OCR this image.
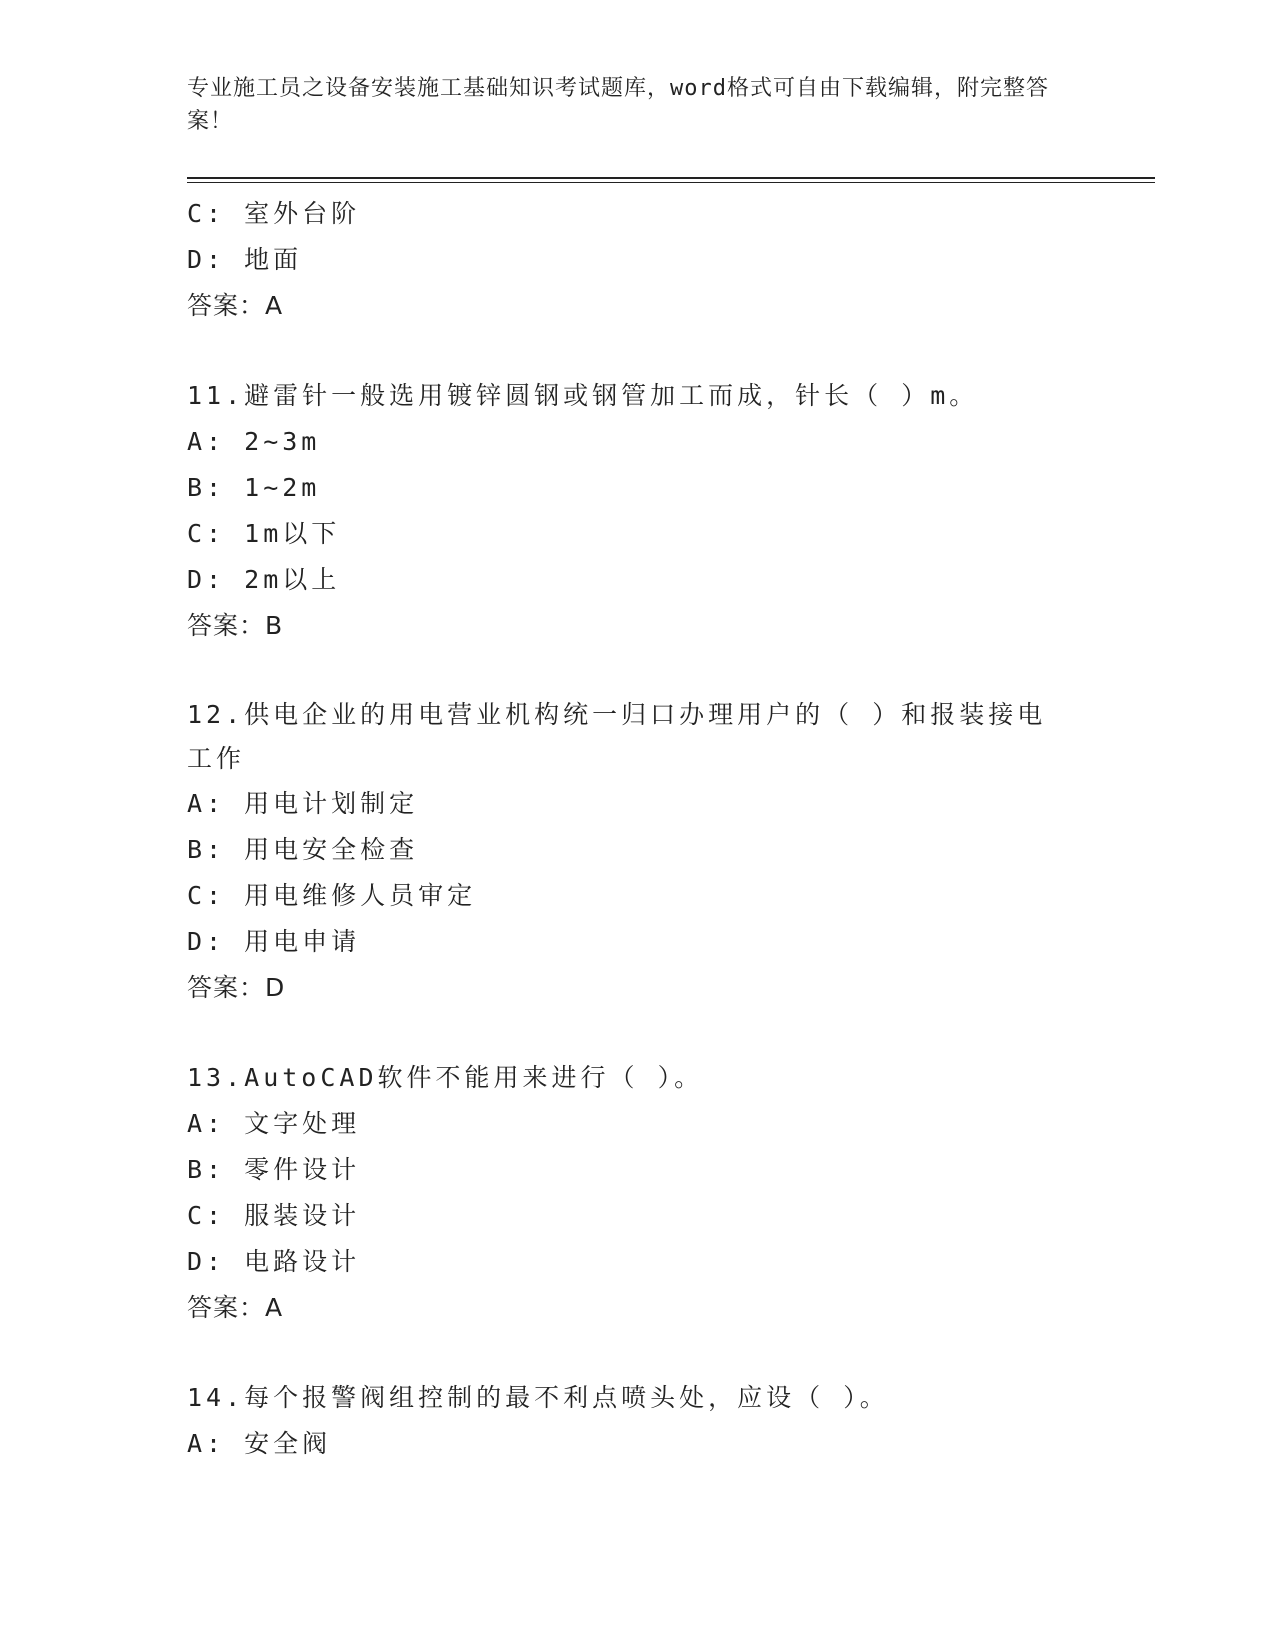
专业施工员之设备安装施工基础知识考试题库，word格式可自由下载编辑，附完整答案！
C: 室外台阶
D: 地面
答案：A
11.避雷针一般选用镀锌圆钢或钢管加工而成，针长（ ）m。
A: 2~3m
B: 1~2m
C: 1m以下
D: 2m以上
答案：B
12.供电企业的用电营业机构统一归口办理用户的（ ）和报装接电工作
A: 用电计划制定
B: 用电安全检查
C: 用电维修人员审定
D: 用电申请
答案：D
13.AutoCAD软件不能用来进行（ ）。
A: 文字处理
B: 零件设计
C: 服装设计
D: 电路设计
答案：A
14.每个报警阀组控制的最不利点喷头处，应设（ ）。
A: 安全阀
